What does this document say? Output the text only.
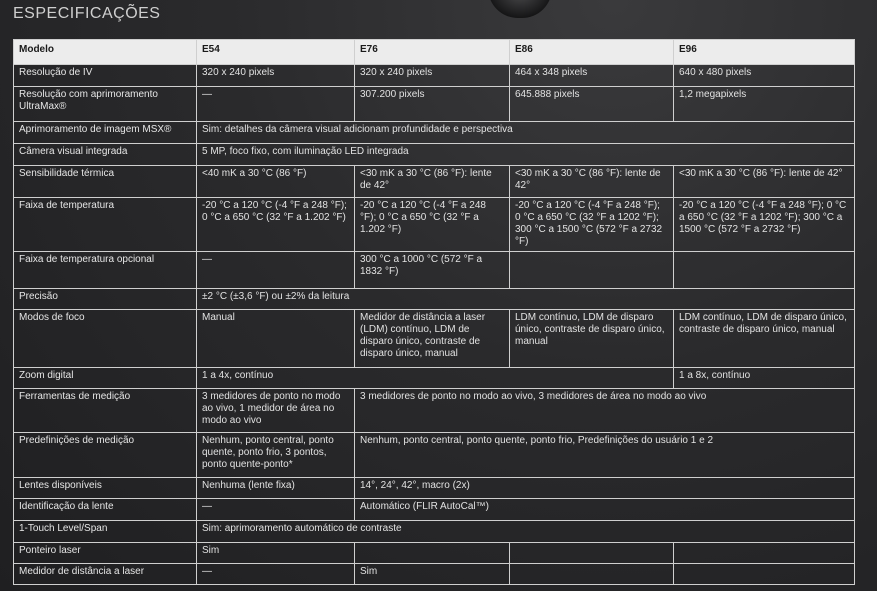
ESPECIFICAÇÕES
Modelo	E54	E76	E86	E96
Resolução de IV	320 x 240 pixels	320 x 240 pixels	464 x 348 pixels	640 x 480 pixels
Resolução com aprimoramento UltraMax®	—	307.200 pixels	645.888 pixels	1,2 megapixels
Aprimoramento de imagem MSX®	Sim: detalhes da câmera visual adicionam profundidade e perspectiva			
Câmera visual integrada	5 MP, foco fixo, com iluminação LED integrada			
Sensibilidade térmica	<40 mK a 30 °C (86 °F)	<30 mK a 30 °C (86 °F): lente de 42°	<30 mK a 30 °C (86 °F): lente de 42°	<30 mK a 30 °C (86 °F): lente de 42°
Faixa de temperatura	-20 °C a 120 °C (-4 °F a 248 °F); 0 °C a 650 °C (32 °F a 1.202 °F)	-20 °C a 120 °C (-4 °F a 248 °F); 0 °C a 650 °C (32 °F a 1.202 °F)	-20 °C a 120 °C (-4 °F a 248 °F); 0 °C a 650 °C (32 °F a 1202 °F); 300 °C a 1500 °C (572 °F a 2732 °F)	-20 °C a 120 °C (-4 °F a 248 °F); 0 °C a 650 °C (32 °F a 1202 °F); 300 °C a 1500 °C (572 °F a 2732 °F)
Faixa de temperatura opcional	—	300 °C a 1000 °C (572 °F a 1832 °F)		
Precisão	±2 °C (±3,6 °F) ou ±2% da leitura			
Modos de foco	Manual	Medidor de distância a laser (LDM) contínuo, LDM de disparo único, contraste de disparo único, manual	LDM contínuo, LDM de disparo único, contraste de disparo único, manual	LDM contínuo, LDM de disparo único, contraste de disparo único, manual
Zoom digital	1 a 4x, contínuo			1 a 8x, contínuo
Ferramentas de medição	3 medidores de ponto no modo ao vivo, 1 medidor de área no modo ao vivo	3 medidores de ponto no modo ao vivo, 3 medidores de área no modo ao vivo		
Predefinições de medição	Nenhum, ponto central, ponto quente, ponto frio, 3 pontos, ponto quente-ponto*	Nenhum, ponto central, ponto quente, ponto frio, Predefinições do usuário 1 e 2		
Lentes disponíveis	Nenhuma (lente fixa)	14°, 24°, 42°, macro (2x)		
Identificação da lente	—	Automático (FLIR AutoCal™)		
1-Touch Level/Span	Sim: aprimoramento automático de contraste			
Ponteiro laser	Sim			
Medidor de distância a laser	—	Sim		
